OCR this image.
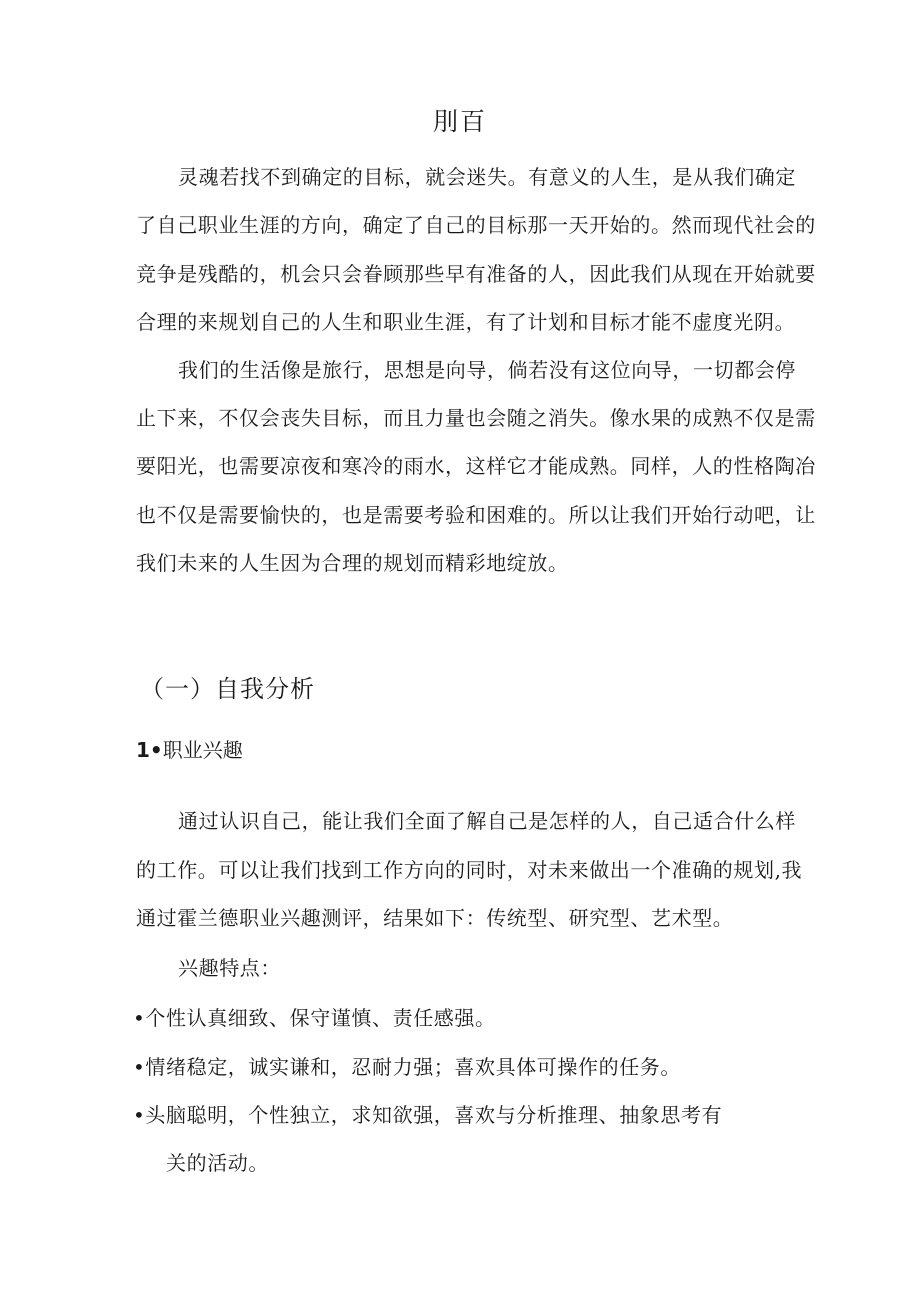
刖百
灵魂若找不到确定的目标，就会迷失。有意义的人生，是从我们确定
了自己职业生涯的方向，确定了自己的目标那一天开始的。然而现代社会的
竞争是残酷的，机会只会眷顾那些早有准备的人，因此我们从现在开始就要
合理的来规划自己的人生和职业生涯，有了计划和目标才能不虚度光阴。
我们的生活像是旅行，思想是向导，倘若没有这位向导，一切都会停
止下来，不仅会丧失目标，而且力量也会随之消失。像水果的成熟不仅是需
要阳光，也需要凉夜和寒冷的雨水，这样它才能成熟。同样，人的性格陶冶
也不仅是需要愉快的，也是需要考验和困难的。所以让我们开始行动吧，让
我们未来的人生因为合理的规划而精彩地绽放。
（一）自我分析
1•职业兴趣
通过认识自己，能让我们全面了解自己是怎样的人，自己适合什么样
的工作。可以让我们找到工作方向的同时，对未来做出一个准确的规划,我
通过霍兰德职业兴趣测评，结果如下：传统型、研究型、艺术型。
兴趣特点：
•个性认真细致、保守谨慎、责任感强。
•情绪稳定，诚实谦和，忍耐力强；喜欢具体可操作的任务。
•头脑聪明，个性独立，求知欲强，喜欢与分析推理、抽象思考有
关的活动。
